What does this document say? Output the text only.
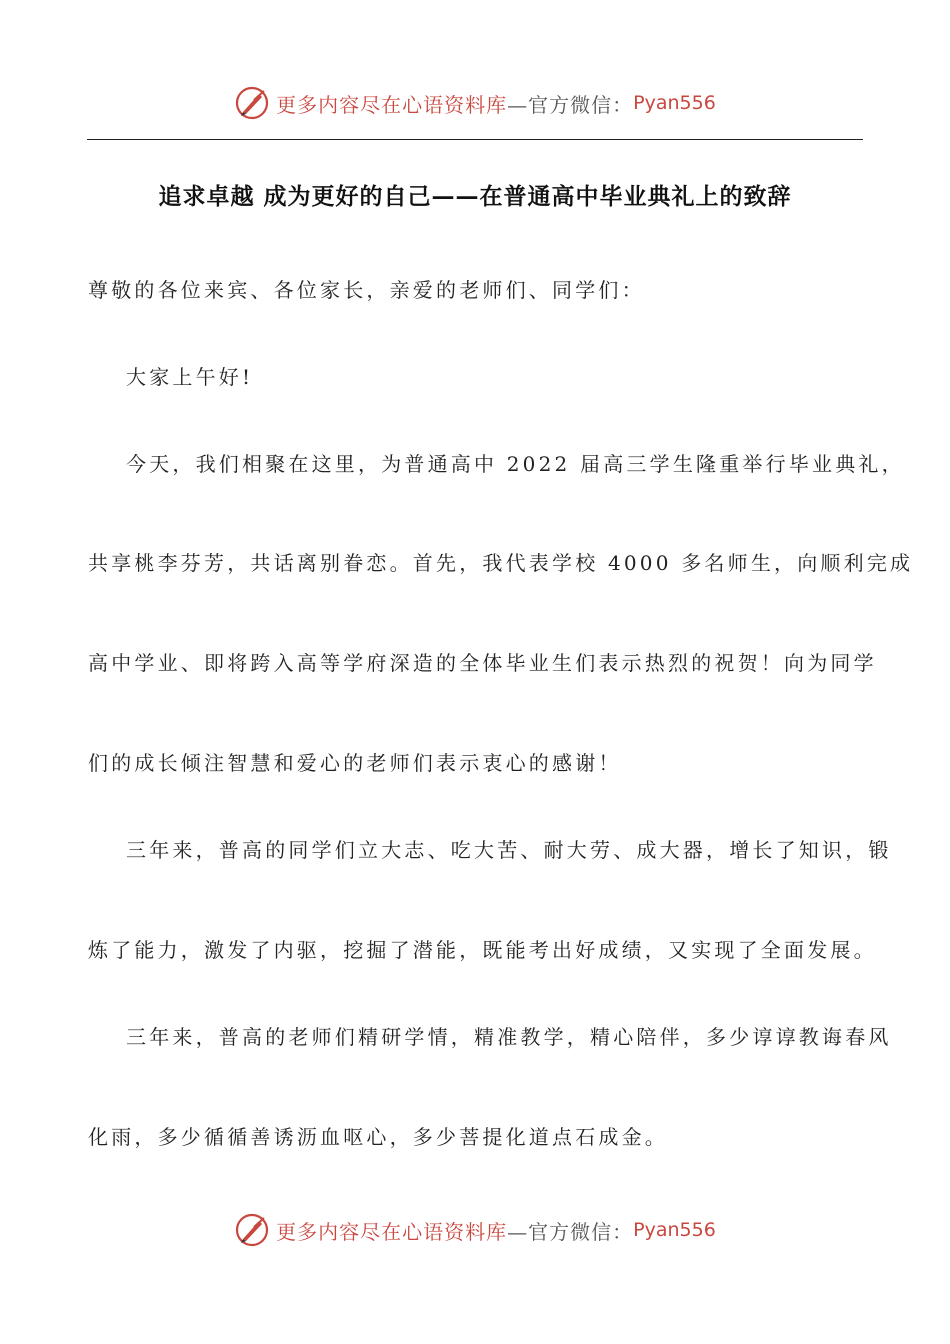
更多内容尽在心语资料库 —官方微信： Pyan556
追求卓越 成为更好的自己——在普通高中毕业典礼上的致辞
尊敬的各位来宾、各位家长，亲爱的老师们、同学们：
大家上午好!
今天，我们相聚在这里，为普通高中 2022 届高三学生隆重举行毕业典礼，
共享桃李芬芳，共话离别眷恋。首先，我代表学校 4000 多名师生，向顺利完成
高中学业、即将跨入高等学府深造的全体毕业生们表示热烈的祝贺！向为同学
们的成长倾注智慧和爱心的老师们表示衷心的感谢！
三年来，普高的同学们立大志、吃大苦、耐大劳、成大器，增长了知识，锻
炼了能力，激发了内驱，挖掘了潜能，既能考出好成绩，又实现了全面发展。
三年来，普高的老师们精研学情，精准教学，精心陪伴，多少谆谆教诲春风
化雨，多少循循善诱沥血呕心，多少菩提化道点石成金。
更多内容尽在心语资料库 —官方微信： Pyan556
